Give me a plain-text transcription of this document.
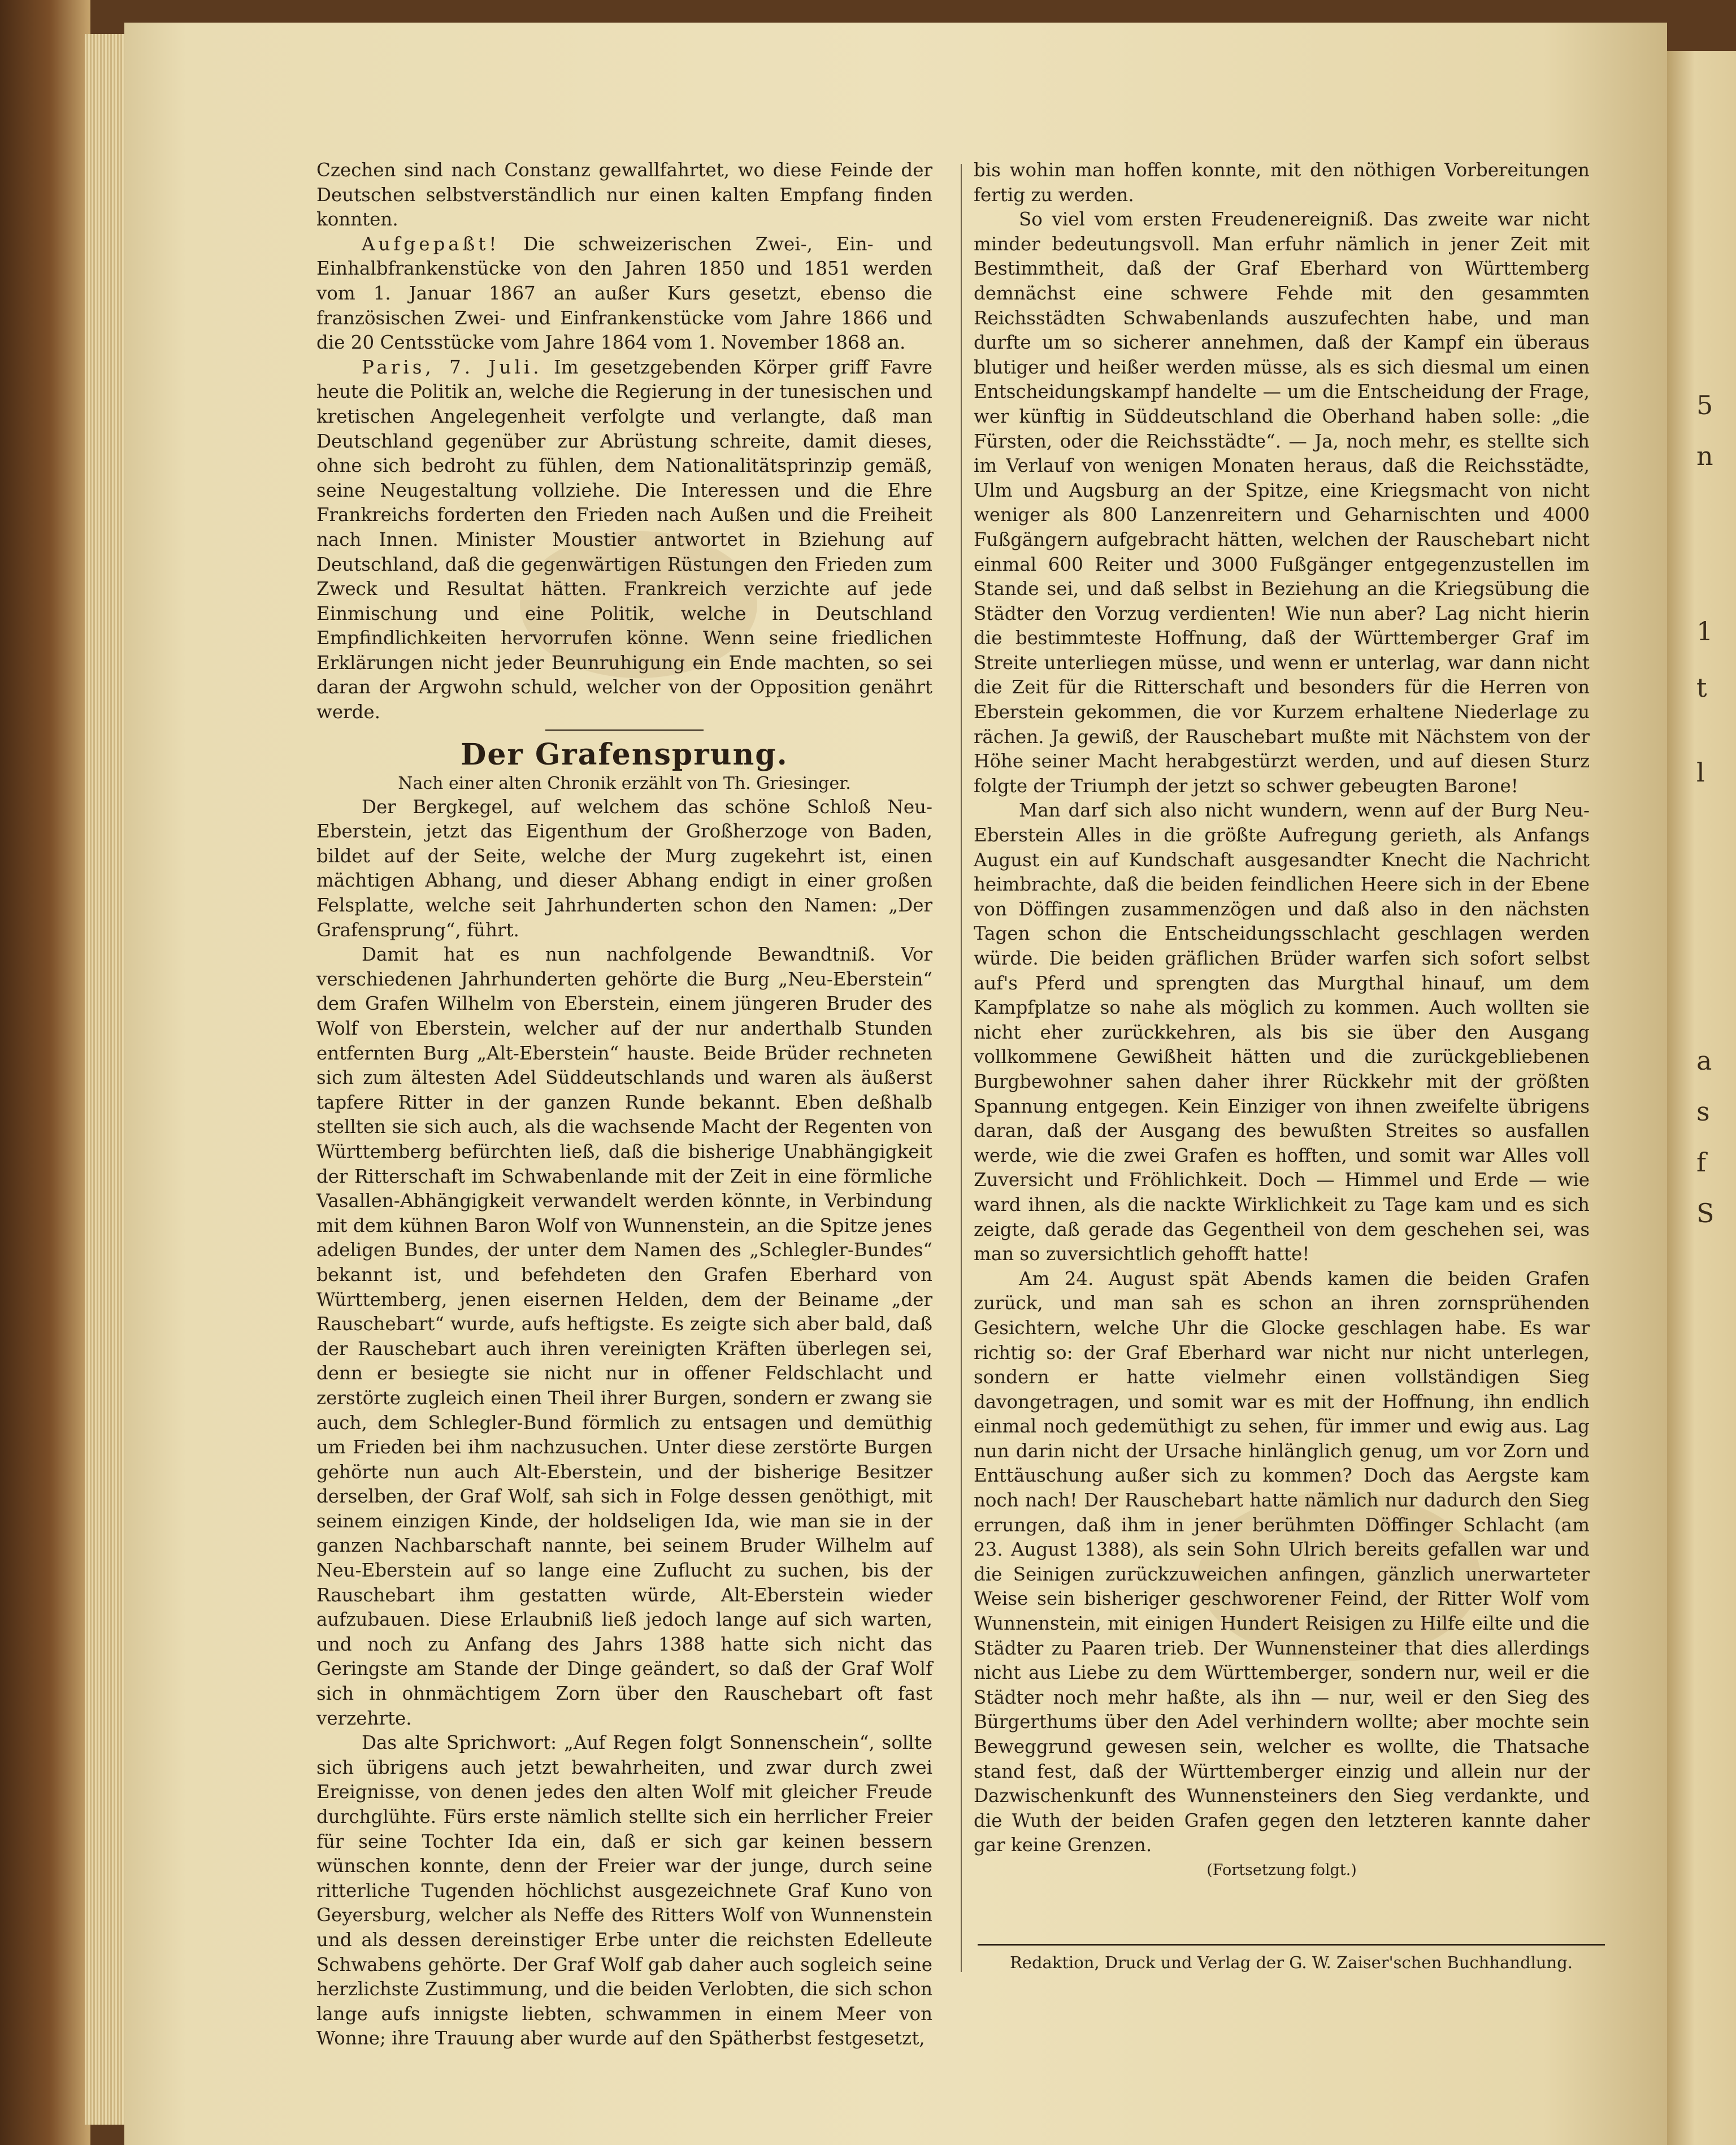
5
n
1
t
l
a
s
f
S

Czechen sind nach Constanz gewallfahrtet, wo diese Feinde der Deutschen selbstverständlich nur einen kalten Empfang finden konnten.

Aufgepaßt! Die schweizerischen Zwei-, Ein- und Einhalbfrankenstücke von den Jahren 1850 und 1851 werden vom 1. Januar 1867 an außer Kurs gesetzt, ebenso die französischen Zwei- und Einfrankenstücke vom Jahre 1866 und die 20 Centsstücke vom Jahre 1864 vom 1. November 1868 an.

Paris, 7. Juli. Im gesetzgebenden Körper griff Favre heute die Politik an, welche die Regierung in der tunesischen und kretischen Angelegenheit verfolgte und verlangte, daß man Deutschland gegenüber zur Abrüstung schreite, damit dieses, ohne sich bedroht zu fühlen, dem Nationalitätsprinzip gemäß, seine Neugestaltung vollziehe. Die Interessen und die Ehre Frankreichs forderten den Frieden nach Außen und die Freiheit nach Innen. Minister Moustier antwortet in Bziehung auf Deutschland, daß die gegenwärtigen Rüstungen den Frieden zum Zweck und Resultat hätten. Frankreich verzichte auf jede Einmischung und eine Politik, welche in Deutschland Empfindlichkeiten hervorrufen könne. Wenn seine friedlichen Erklärungen nicht jeder Beunruhigung ein Ende machten, so sei daran der Argwohn schuld, welcher von der Opposition genährt werde.

Der Grafensprung.

Nach einer alten Chronik erzählt von Th. Griesinger.

Der Bergkegel, auf welchem das schöne Schloß Neu-Eberstein, jetzt das Eigenthum der Großherzoge von Baden, bildet auf der Seite, welche der Murg zugekehrt ist, einen mächtigen Abhang, und dieser Abhang endigt in einer großen Felsplatte, welche seit Jahrhunderten schon den Namen: „Der Grafensprung“, führt.

Damit hat es nun nachfolgende Bewandtniß. Vor verschiedenen Jahrhunderten gehörte die Burg „Neu-Eberstein“ dem Grafen Wilhelm von Eberstein, einem jüngeren Bruder des Wolf von Eberstein, welcher auf der nur anderthalb Stunden entfernten Burg „Alt-Eberstein“ hauste. Beide Brüder rechneten sich zum ältesten Adel Süddeutschlands und waren als äußerst tapfere Ritter in der ganzen Runde bekannt. Eben deßhalb stellten sie sich auch, als die wachsende Macht der Regenten von Württemberg befürchten ließ, daß die bisherige Unabhängigkeit der Ritterschaft im Schwabenlande mit der Zeit in eine förmliche Vasallen-Abhängigkeit verwandelt werden könnte, in Verbindung mit dem kühnen Baron Wolf von Wunnenstein, an die Spitze jenes adeligen Bundes, der unter dem Namen des „Schlegler-Bundes“ bekannt ist, und befehdeten den Grafen Eberhard von Württemberg, jenen eisernen Helden, dem der Beiname „der Rauschebart“ wurde, aufs heftigste. Es zeigte sich aber bald, daß der Rauschebart auch ihren vereinigten Kräften überlegen sei, denn er besiegte sie nicht nur in offener Feldschlacht und zerstörte zugleich einen Theil ihrer Burgen, sondern er zwang sie auch, dem Schlegler-Bund förmlich zu entsagen und demüthig um Frieden bei ihm nachzusuchen. Unter diese zerstörte Burgen gehörte nun auch Alt-Eberstein, und der bisherige Besitzer derselben, der Graf Wolf, sah sich in Folge dessen genöthigt, mit seinem einzigen Kinde, der holdseligen Ida, wie man sie in der ganzen Nachbarschaft nannte, bei seinem Bruder Wilhelm auf Neu-Eberstein auf so lange eine Zuflucht zu suchen, bis der Rauschebart ihm gestatten würde, Alt-Eberstein wieder aufzubauen. Diese Erlaubniß ließ jedoch lange auf sich warten, und noch zu Anfang des Jahrs 1388 hatte sich nicht das Geringste am Stande der Dinge geändert, so daß der Graf Wolf sich in ohnmächtigem Zorn über den Rauschebart oft fast verzehrte.

Das alte Sprichwort: „Auf Regen folgt Sonnenschein“, sollte sich übrigens auch jetzt bewahrheiten, und zwar durch zwei Ereignisse, von denen jedes den alten Wolf mit gleicher Freude durchglühte. Fürs erste nämlich stellte sich ein herrlicher Freier für seine Tochter Ida ein, daß er sich gar keinen bessern wünschen konnte, denn der Freier war der junge, durch seine ritterliche Tugenden höchlichst ausgezeichnete Graf Kuno von Geyersburg, welcher als Neffe des Ritters Wolf von Wunnenstein und als dessen dereinstiger Erbe unter die reichsten Edelleute Schwabens gehörte. Der Graf Wolf gab daher auch sogleich seine herzlichste Zustimmung, und die beiden Verlobten, die sich schon lange aufs innigste liebten, schwammen in einem Meer von Wonne; ihre Trauung aber wurde auf den Spätherbst festgesetzt,

bis wohin man hoffen konnte, mit den nöthigen Vorbereitungen fertig zu werden.

So viel vom ersten Freudenereigniß. Das zweite war nicht minder bedeutungsvoll. Man erfuhr nämlich in jener Zeit mit Bestimmtheit, daß der Graf Eberhard von Württemberg demnächst eine schwere Fehde mit den gesammten Reichsstädten Schwabenlands auszufechten habe, und man durfte um so sicherer annehmen, daß der Kampf ein überaus blutiger und heißer werden müsse, als es sich diesmal um einen Entscheidungskampf handelte — um die Entscheidung der Frage, wer künftig in Süddeutschland die Oberhand haben solle: „die Fürsten, oder die Reichsstädte“. — Ja, noch mehr, es stellte sich im Verlauf von wenigen Monaten heraus, daß die Reichsstädte, Ulm und Augsburg an der Spitze, eine Kriegsmacht von nicht weniger als 800 Lanzenreitern und Geharnischten und 4000 Fußgängern aufgebracht hätten, welchen der Rauschebart nicht einmal 600 Reiter und 3000 Fußgänger entgegenzustellen im Stande sei, und daß selbst in Beziehung an die Kriegsübung die Städter den Vorzug verdienten! Wie nun aber? Lag nicht hierin die bestimmteste Hoffnung, daß der Württemberger Graf im Streite unterliegen müsse, und wenn er unterlag, war dann nicht die Zeit für die Ritterschaft und besonders für die Herren von Eberstein gekommen, die vor Kurzem erhaltene Niederlage zu rächen. Ja gewiß, der Rauschebart mußte mit Nächstem von der Höhe seiner Macht herabgestürzt werden, und auf diesen Sturz folgte der Triumph der jetzt so schwer gebeugten Barone!

Man darf sich also nicht wundern, wenn auf der Burg Neu-Eberstein Alles in die größte Aufregung gerieth, als Anfangs August ein auf Kundschaft ausgesandter Knecht die Nachricht heimbrachte, daß die beiden feindlichen Heere sich in der Ebene von Döffingen zusammenzögen und daß also in den nächsten Tagen schon die Entscheidungsschlacht geschlagen werden würde. Die beiden gräflichen Brüder warfen sich sofort selbst auf's Pferd und sprengten das Murgthal hinauf, um dem Kampfplatze so nahe als möglich zu kommen. Auch wollten sie nicht eher zurückkehren, als bis sie über den Ausgang vollkommene Gewißheit hätten und die zurückgebliebenen Burgbewohner sahen daher ihrer Rückkehr mit der größten Spannung entgegen. Kein Einziger von ihnen zweifelte übrigens daran, daß der Ausgang des bewußten Streites so ausfallen werde, wie die zwei Grafen es hofften, und somit war Alles voll Zuversicht und Fröhlichkeit. Doch — Himmel und Erde — wie ward ihnen, als die nackte Wirklichkeit zu Tage kam und es sich zeigte, daß gerade das Gegentheil von dem geschehen sei, was man so zuversichtlich gehofft hatte!

Am 24. August spät Abends kamen die beiden Grafen zurück, und man sah es schon an ihren zornsprühenden Gesichtern, welche Uhr die Glocke geschlagen habe. Es war richtig so: der Graf Eberhard war nicht nur nicht unterlegen, sondern er hatte vielmehr einen vollständigen Sieg davongetragen, und somit war es mit der Hoffnung, ihn endlich einmal noch gedemüthigt zu sehen, für immer und ewig aus. Lag nun darin nicht der Ursache hinlänglich genug, um vor Zorn und Enttäuschung außer sich zu kommen? Doch das Aergste kam noch nach! Der Rauschebart hatte nämlich nur dadurch den Sieg errungen, daß ihm in jener berühmten Döffinger Schlacht (am 23. August 1388), als sein Sohn Ulrich bereits gefallen war und die Seinigen zurückzuweichen anfingen, gänzlich unerwarteter Weise sein bisheriger geschworener Feind, der Ritter Wolf vom Wunnenstein, mit einigen Hundert Reisigen zu Hilfe eilte und die Städter zu Paaren trieb. Der Wunnensteiner that dies allerdings nicht aus Liebe zu dem Württemberger, sondern nur, weil er die Städter noch mehr haßte, als ihn — nur, weil er den Sieg des Bürgerthums über den Adel verhindern wollte; aber mochte sein Beweggrund gewesen sein, welcher es wollte, die Thatsache stand fest, daß der Württemberger einzig und allein nur der Dazwischenkunft des Wunnensteiners den Sieg verdankte, und die Wuth der beiden Grafen gegen den letzteren kannte daher gar keine Grenzen.

(Fortsetzung folgt.)

Redaktion, Druck und Verlag der G. W. Zaiser'schen Buchhandlung.
